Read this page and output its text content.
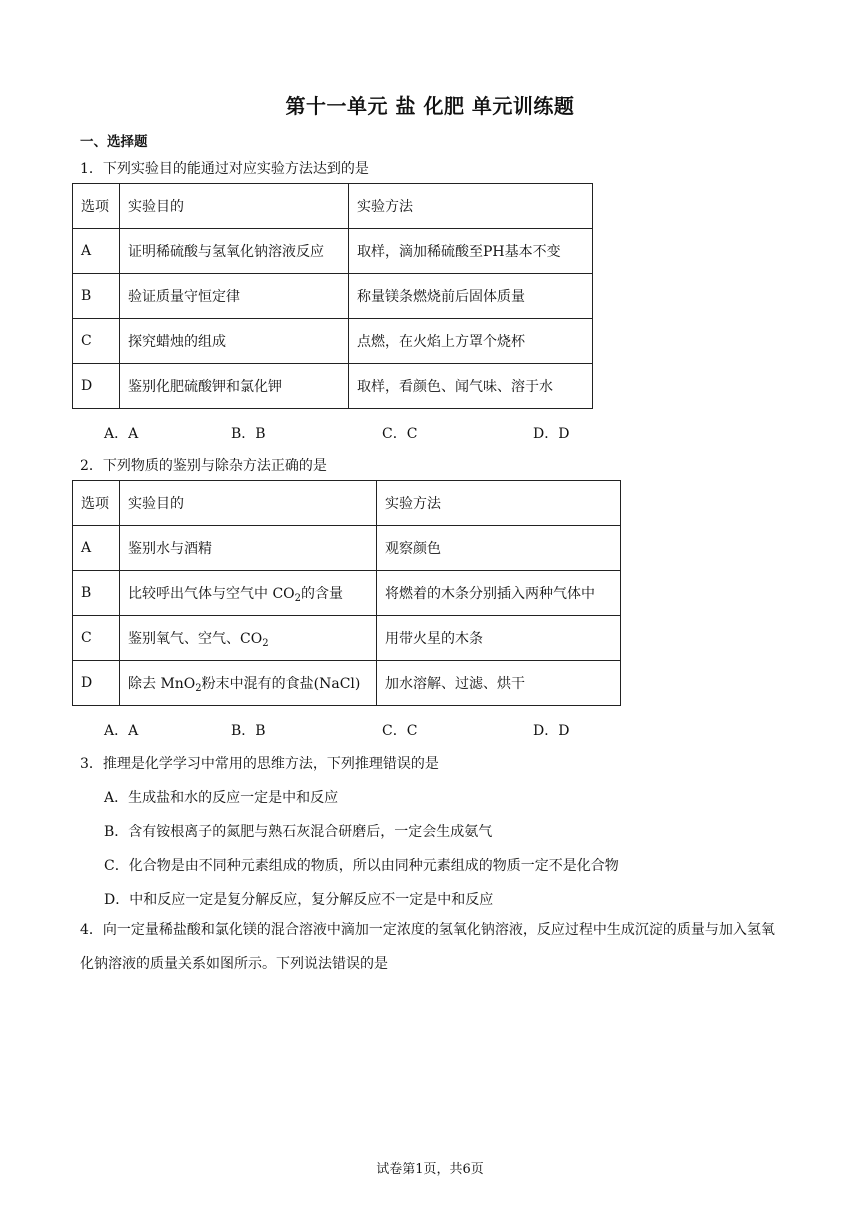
第十一单元 盐 化肥 单元训练题
一、选择题
1．下列实验目的能通过对应实验方法达到的是
选项	实验目的	实验方法
A	证明稀硫酸与氢氧化钠溶液反应	取样，滴加稀硫酸至PH基本不变
B	验证质量守恒定律	称量镁条燃烧前后固体质量
C	探究蜡烛的组成	点燃，在火焰上方罩个烧杯
D	鉴别化肥硫酸钾和氯化钾	取样，看颜色、闻气味、溶于水
A．A	B．B	C．C	D．D
2．下列物质的鉴别与除杂方法正确的是
选项	实验目的	实验方法
A	鉴别水与酒精	观察颜色
B	比较呼出气体与空气中 $CO_2$的含量	将燃着的木条分别插入两种气体中
C	鉴别氧气、空气、$CO_2$	用带火星的木条
D	除去 MnO$_2$粉末中混有的食盐(NaCl)	加水溶解、过滤、烘干
A．A	B．B	C．C	D．D
3．推理是化学学习中常用的思维方法，下列推理错误的是
A．生成盐和水的反应一定是中和反应
B．含有铵根离子的氮肥与熟石灰混合研磨后，一定会生成氨气
C．化合物是由不同种元素组成的物质，所以由同种元素组成的物质一定不是化合物
D．中和反应一定是复分解反应，复分解反应不一定是中和反应
4．向一定量稀盐酸和氯化镁的混合溶液中滴加一定浓度的氢氧化钠溶液，反应过程中生成沉淀的质量与加入氢氧化钠溶液的质量关系如图所示。下列说法错误的是
试卷第1页，共6页
